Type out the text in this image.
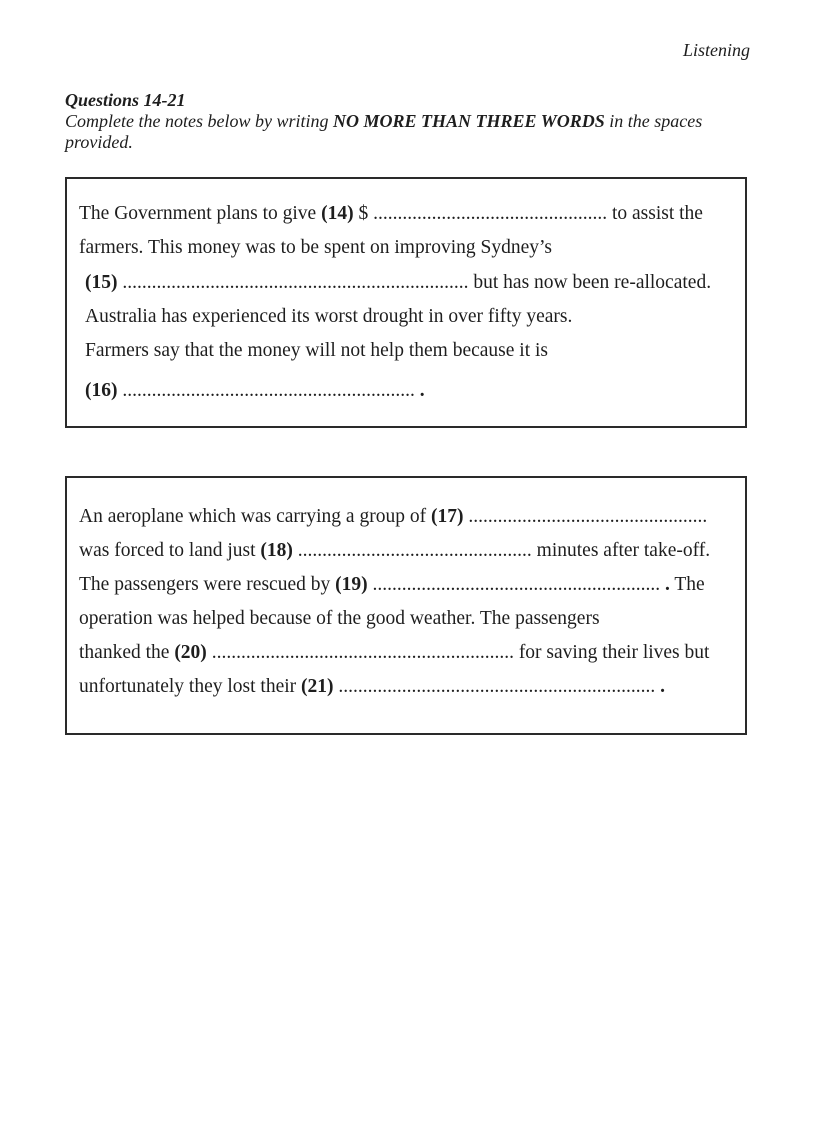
Listening
Questions 14-21
Complete the notes below by writing NO MORE THAN THREE WORDS in the spaces provided.
The Government plans to give (14) $ ................................................ to assist the
farmers. This money was to be spent on improving Sydney’s
(15) ....................................................................... but has now been re-allocated.
Australia has experienced its worst drought in over fifty years.
Farmers say that the money will not help them because it is
(16) ............................................................ .
An aeroplane which was carrying a group of (17) .................................................
was forced to land just (18) ................................................ minutes after take-off.
The passengers were rescued by (19) ........................................................... . The
operation was helped because of the good weather. The passengers
thanked the (20) .............................................................. for saving their lives but
unfortunately they lost their (21) ................................................................. .
